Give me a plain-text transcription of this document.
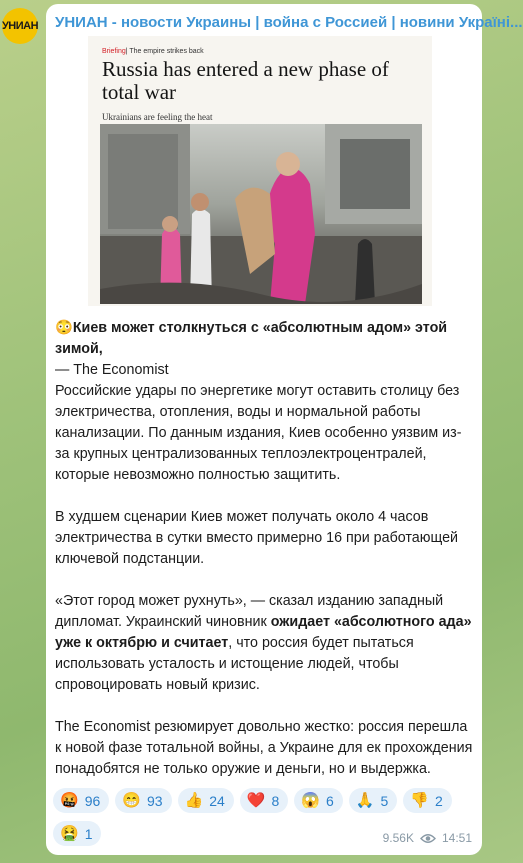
УНИАН УНИАН - новости Украины | война с Россией | новини Україні...
Briefing| The empire strikes back
Russia has entered a new phase of total war
Ukrainians are feeling the heat

😳Киев может столкнуться с «абсолютным адом» этой зимой,
— The Economist

Российские удары по энергетике могут оставить столицу без электричества, отопления, воды и нормальной работы канализации. По данным издания, Киев особенно уязвим из-за крупных централизованных теплоэлектроцентралей, которые невозможно полностью защитить.

В худшем сценарии Киев может получать около 4 часов электричества в сутки вместо примерно 16 при работающей ключевой подстанции.

«Этот город может рухнуть», — сказал изданию западный дипломат. Украинский чиновник ожидает «абсолютного ада» уже к октябрю и считает, что россия будет пытаться использовать усталость и истощение людей, чтобы спровоцировать новый кризис.

The Economist резюмирует довольно жестко: россия перешла к новой фазе тотальной войны, а Украине для ек прохождения понадобятся не только оружие и деньги, но и выдержка.

🤬 96 😁 93 👍 24 ❤️ 8 😱 6 🙏 5 👎 2
🤮 1	9.56K 14:51
